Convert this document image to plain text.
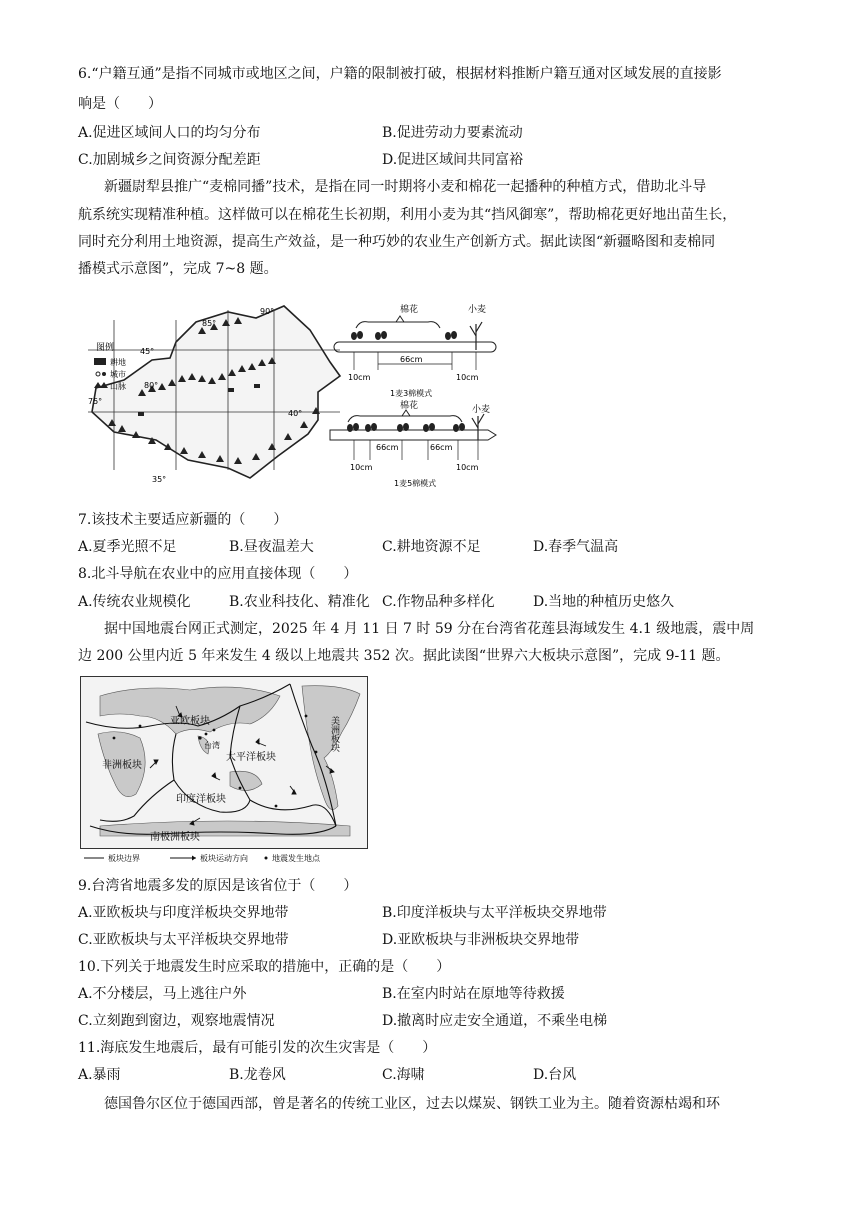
6.“户籍互通”是指不同城市或地区之间，户籍的限制被打破，根据材料推断户籍互通对区域发展的直接影
响是（　　）
A.促进区域间人口的均匀分布	B.促进劳动力要素流动
C.加剧城乡之间资源分配差距	D.促进区域间共同富裕
新疆尉犁县推广“麦棉同播”技术，是指在同一时期将小麦和棉花一起播种的种植方式，借助北斗导
航系统实现精准种植。这样做可以在棉花生长初期，利用小麦为其“挡风御寒”，帮助棉花更好地出苗生长，
同时充分利用土地资源，提高生产效益，是一种巧妙的农业生产创新方式。据此读图“新疆略图和麦棉同
播模式示意图”，完成 7~8 题。
图例
耕地
城市
山脉
45°
40°
35°
75°
80°
85°
90°	棉花	小麦
66cm
10cm	10cm
1麦3棉模式
棉花	小麦
66cm	66cm
10cm	10cm
1麦5棉模式
7.该技术主要适应新疆的（　　）
A.夏季光照不足	B.昼夜温差大	C.耕地资源不足	D.春季气温高
8.北斗导航在农业中的应用直接体现（　　）
A.传统农业规模化	B.农业科技化、精准化 C.作物品种多样化	D.当地的种植历史悠久
据中国地震台网正式测定，2025 年 4 月 11 日 7 时 59 分在台湾省花莲县海域发生 4.1 级地震，震中周
边 200 公里内近 5 年来发生 4 级以上地震共 352 次。据此读图“世界六大板块示意图”，完成 9-11 题。
亚欧板块
太平洋板块
非洲板块
印度洋板块
南极洲板块
美洲板块
台湾
板块边界	板块运动方向	地震发生地点
9.台湾省地震多发的原因是该省位于（　　）
A.亚欧板块与印度洋板块交界地带	B.印度洋板块与太平洋板块交界地带
C.亚欧板块与太平洋板块交界地带	D.亚欧板块与非洲板块交界地带
10.下列关于地震发生时应采取的措施中，正确的是（　　）
A.不分楼层，马上逃往户外	B.在室内时站在原地等待救援
C.立刻跑到窗边，观察地震情况	D.撤离时应走安全通道，不乘坐电梯
11.海底发生地震后，最有可能引发的次生灾害是（　　）
A.暴雨	B.龙卷风	C.海啸	D.台风
德国鲁尔区位于德国西部，曾是著名的传统工业区，过去以煤炭、钢铁工业为主。随着资源枯竭和环
